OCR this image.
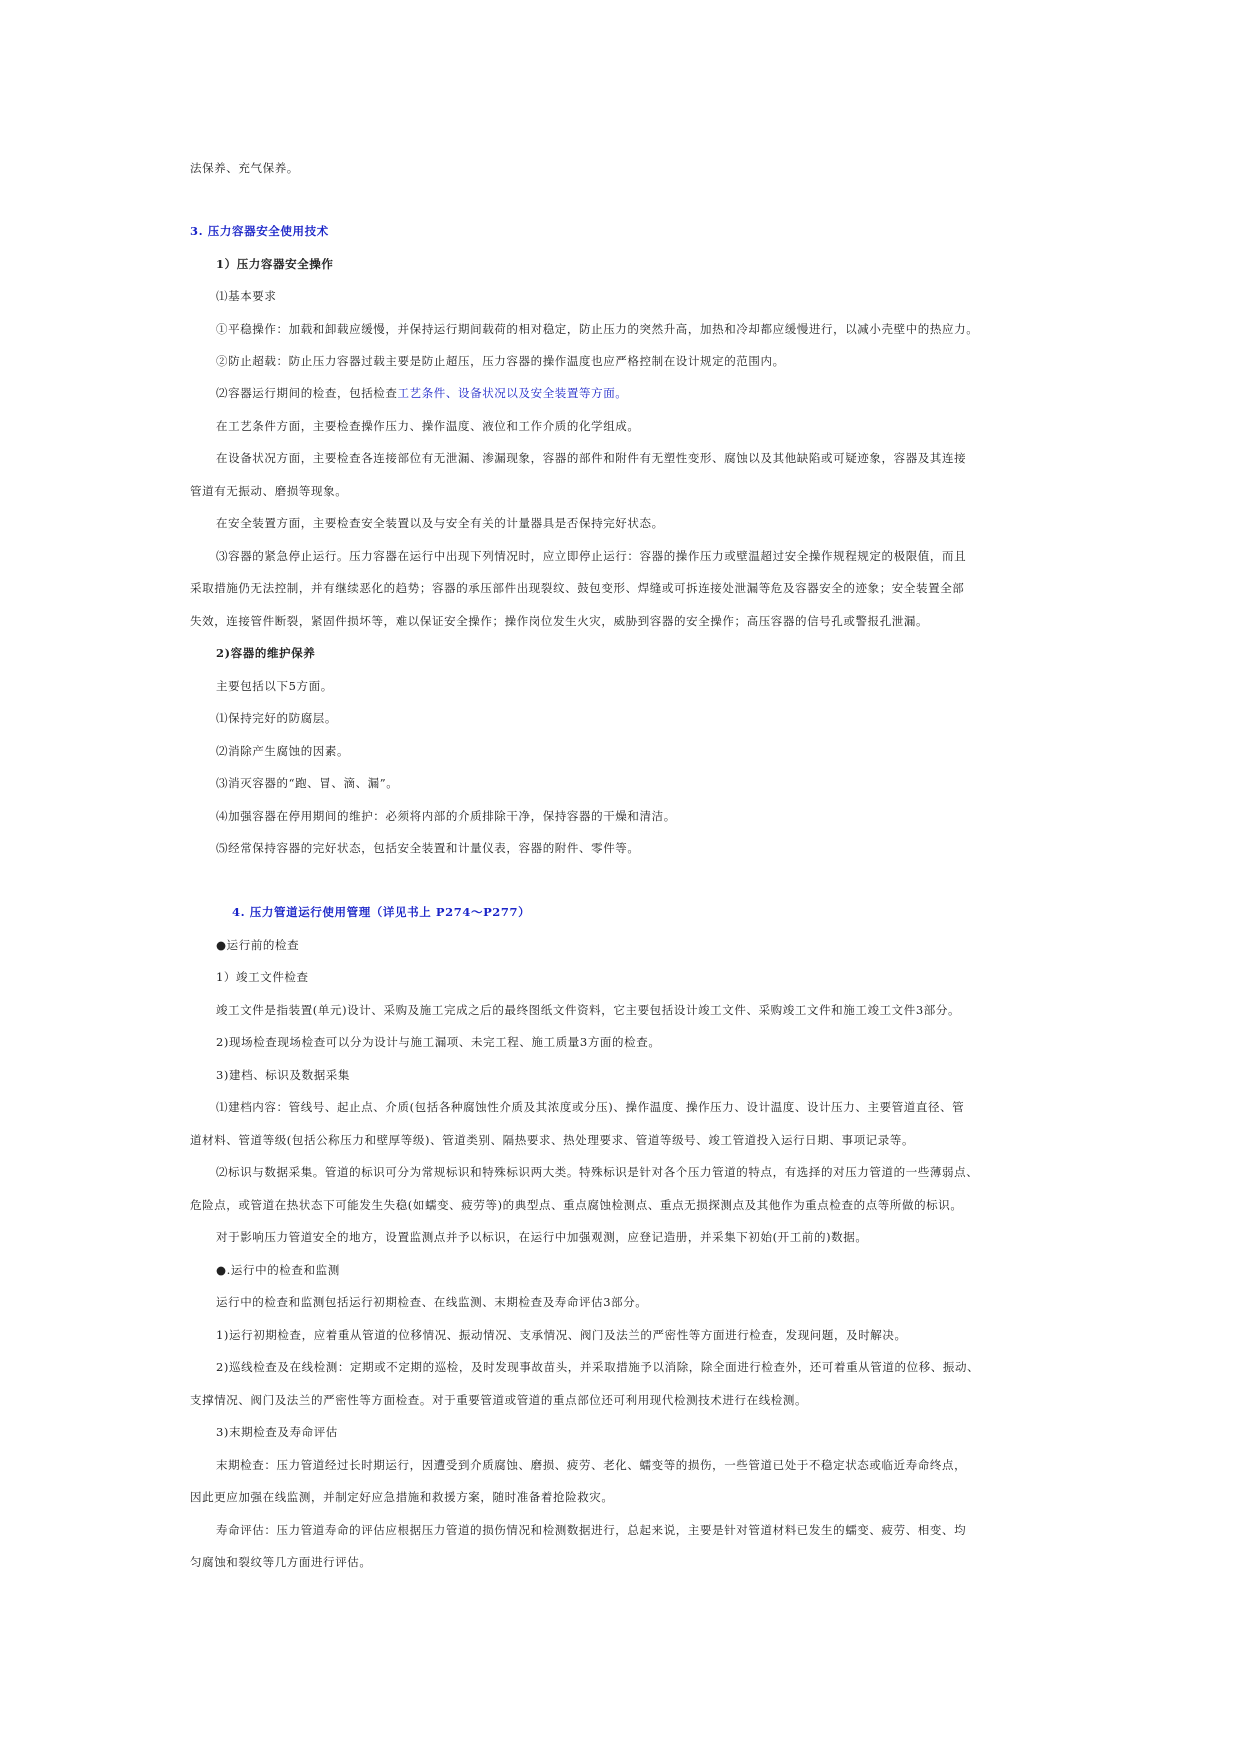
法保养、充气保养。
3. 压力容器安全使用技术
1）压力容器安全操作
⑴基本要求
①平稳操作：加载和卸载应缓慢，并保持运行期间载荷的相对稳定，防止压力的突然升高，加热和冷却都应缓慢进行，以减小壳壁中的热应力。
②防止超载：防止压力容器过载主要是防止超压，压力容器的操作温度也应严格控制在设计规定的范围内。
⑵容器运行期间的检查，包括检查工艺条件、设备状况以及安全装置等方面。
在工艺条件方面，主要检查操作压力、操作温度、液位和工作介质的化学组成。
在设备状况方面，主要检查各连接部位有无泄漏、渗漏现象，容器的部件和附件有无塑性变形、腐蚀以及其他缺陷或可疑迹象，容器及其连接
管道有无振动、磨损等现象。
在安全装置方面，主要检查安全装置以及与安全有关的计量器具是否保持完好状态。
⑶容器的紧急停止运行。压力容器在运行中出现下列情况时，应立即停止运行：容器的操作压力或壁温超过安全操作规程规定的极限值，而且
采取措施仍无法控制，并有继续恶化的趋势；容器的承压部件出现裂纹、鼓包变形、焊缝或可拆连接处泄漏等危及容器安全的迹象；安全装置全部
失效，连接管件断裂，紧固件损坏等，难以保证安全操作；操作岗位发生火灾，威胁到容器的安全操作；高压容器的信号孔或警报孔泄漏。
2)容器的维护保养
主要包括以下5方面。
⑴保持完好的防腐层。
⑵消除产生腐蚀的因素。
⑶消灭容器的“跑、冒、滴、漏”。
⑷加强容器在停用期间的维护：必须将内部的介质排除干净，保持容器的干燥和清洁。
⑸经常保持容器的完好状态，包括安全装置和计量仪表，容器的附件、零件等。
4. 压力管道运行使用管理（详见书上 P274～P277）
●运行前的检查
1）竣工文件检查
竣工文件是指装置(单元)设计、采购及施工完成之后的最终图纸文件资料，它主要包括设计竣工文件、采购竣工文件和施工竣工文件3部分。
2)现场检查现场检查可以分为设计与施工漏项、未完工程、施工质量3方面的检查。
3)建档、标识及数据采集
⑴建档内容：管线号、起止点、介质(包括各种腐蚀性介质及其浓度或分压)、操作温度、操作压力、设计温度、设计压力、主要管道直径、管
道材料、管道等级(包括公称压力和壁厚等级)、管道类别、隔热要求、热处理要求、管道等级号、竣工管道投入运行日期、事项记录等。
⑵标识与数据采集。管道的标识可分为常规标识和特殊标识两大类。特殊标识是针对各个压力管道的特点，有选择的对压力管道的一些薄弱点、
危险点，或管道在热状态下可能发生失稳(如蠕变、疲劳等)的典型点、重点腐蚀检测点、重点无损探测点及其他作为重点检查的点等所做的标识。
对于影响压力管道安全的地方，设置监测点并予以标识，在运行中加强观测，应登记造册，并采集下初始(开工前的)数据。
●.运行中的检查和监测
运行中的检查和监测包括运行初期检查、在线监测、末期检查及寿命评估3部分。
1)运行初期检查，应着重从管道的位移情况、振动情况、支承情况、阀门及法兰的严密性等方面进行检查，发现问题，及时解决。
2)巡线检查及在线检测：定期或不定期的巡检，及时发现事故苗头，并采取措施予以消除，除全面进行检查外，还可着重从管道的位移、振动、
支撑情况、阀门及法兰的严密性等方面检查。对于重要管道或管道的重点部位还可利用现代检测技术进行在线检测。
3)末期检查及寿命评估
末期检查：压力管道经过长时期运行，因遭受到介质腐蚀、磨损、疲劳、老化、蠕变等的损伤，一些管道已处于不稳定状态或临近寿命终点，
因此更应加强在线监测，并制定好应急措施和救援方案，随时准备着抢险救灾。
寿命评估：压力管道寿命的评估应根据压力管道的损伤情况和检测数据进行，总起来说，主要是针对管道材料已发生的蠕变、疲劳、相变、均
匀腐蚀和裂纹等几方面进行评估。
